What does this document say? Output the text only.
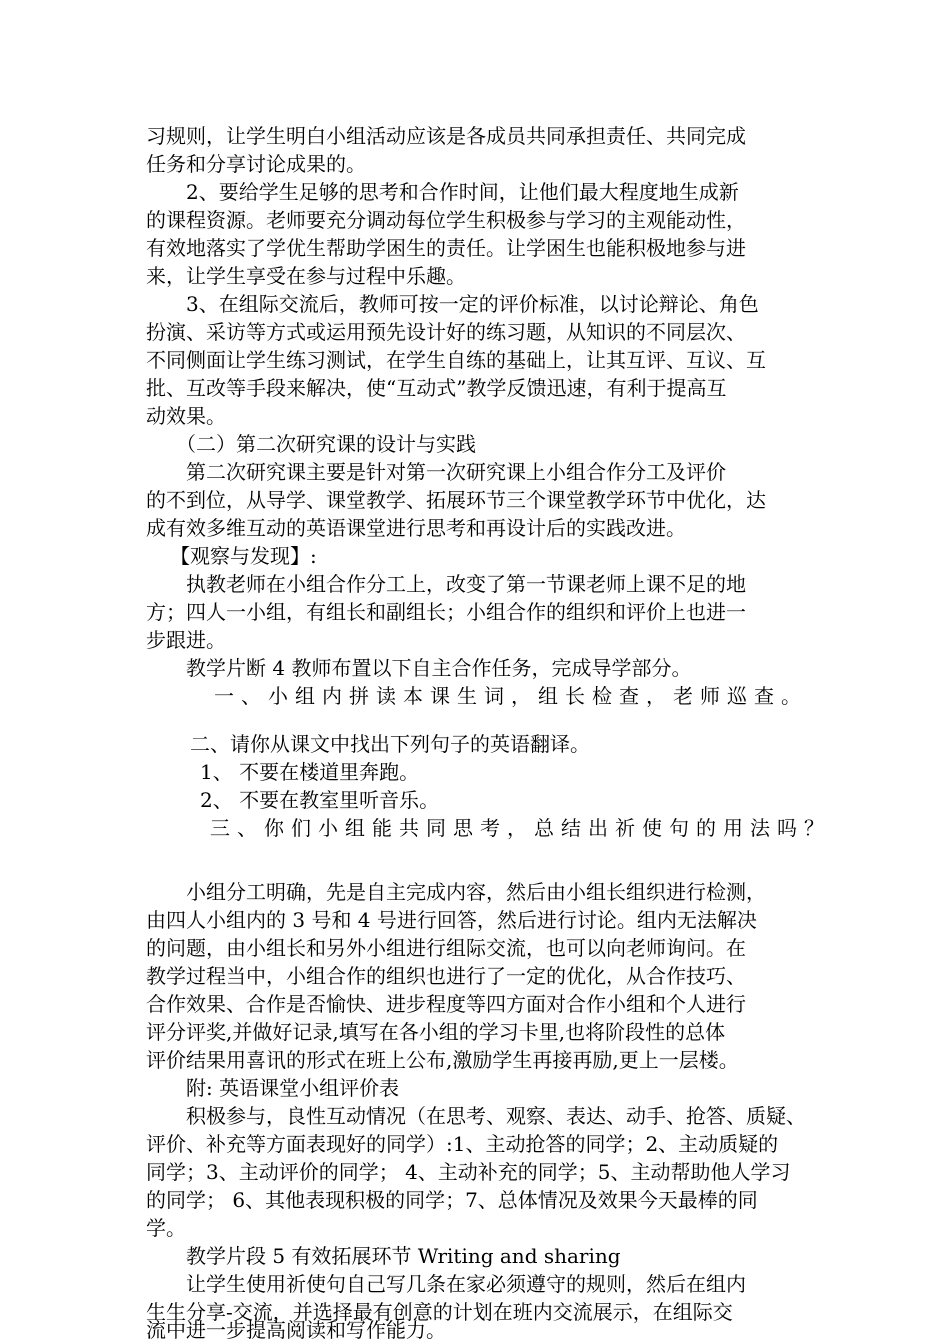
习规则，让学生明白小组活动应该是各成员共同承担责任、共同完成
任务和分享讨论成果的。
2、要给学生足够的思考和合作时间，让他们最大程度地生成新
的课程资源。老师要充分调动每位学生积极参与学习的主观能动性，
有效地落实了学优生帮助学困生的责任。让学困生也能积极地参与进
来，让学生享受在参与过程中乐趣。
3、在组际交流后，教师可按一定的评价标准，以讨论辩论、角色
扮演、采访等方式或运用预先设计好的练习题，从知识的不同层次、
不同侧面让学生练习测试，在学生自练的基础上，让其互评、互议、互
批、互改等手段来解决，使“互动式”教学反馈迅速，有利于提高互
动效果。
（二）第二次研究课的设计与实践
第二次研究课主要是针对第一次研究课上小组合作分工及评价
的不到位，从导学、课堂教学、拓展环节三个课堂教学环节中优化，达
成有效多维互动的英语课堂进行思考和再设计后的实践改进。
【观察与发现】:
执教老师在小组合作分工上，改变了第一节课老师上课不足的地
方；四人一小组，有组长和副组长；小组合作的组织和评价上也进一
步跟进。
教学片断 4 教师布置以下自主合作任务，完成导学部分。
一、小组内拼读本课生词，组长检查，老师巡查。
二、请你从课文中找出下列句子的英语翻译。
1、 不要在楼道里奔跑。
2、 不要在教室里听音乐。
三、你们小组能共同思考，总结出祈使句的用法吗？
小组分工明确，先是自主完成内容，然后由小组长组织进行检测，
由四人小组内的 3 号和 4 号进行回答，然后进行讨论。组内无法解决
的问题，由小组长和另外小组进行组际交流，也可以向老师询问。在
教学过程当中，小组合作的组织也进行了一定的优化，从合作技巧、
合作效果、合作是否愉快、进步程度等四方面对合作小组和个人进行
评分评奖,并做好记录,填写在各小组的学习卡里,也将阶段性的总体
评价结果用喜讯的形式在班上公布,激励学生再接再励,更上一层楼。
附: 英语课堂小组评价表
积极参与，良性互动情况（在思考、观察、表达、动手、抢答、质疑、
评价、补充等方面表现好的同学）:1、主动抢答的同学；2、主动质疑的
同学；3、主动评价的同学； 4、主动补充的同学；5、主动帮助他人学习
的同学； 6、其他表现积极的同学；7、总体情况及效果今天最棒的同
学。
教学片段 5 有效拓展环节 Writing and sharing
让学生使用祈使句自己写几条在家必须遵守的规则，然后在组内
生生分享-交流，并选择最有创意的计划在班内交流展示，在组际交
流中进一步提高阅读和写作能力。
